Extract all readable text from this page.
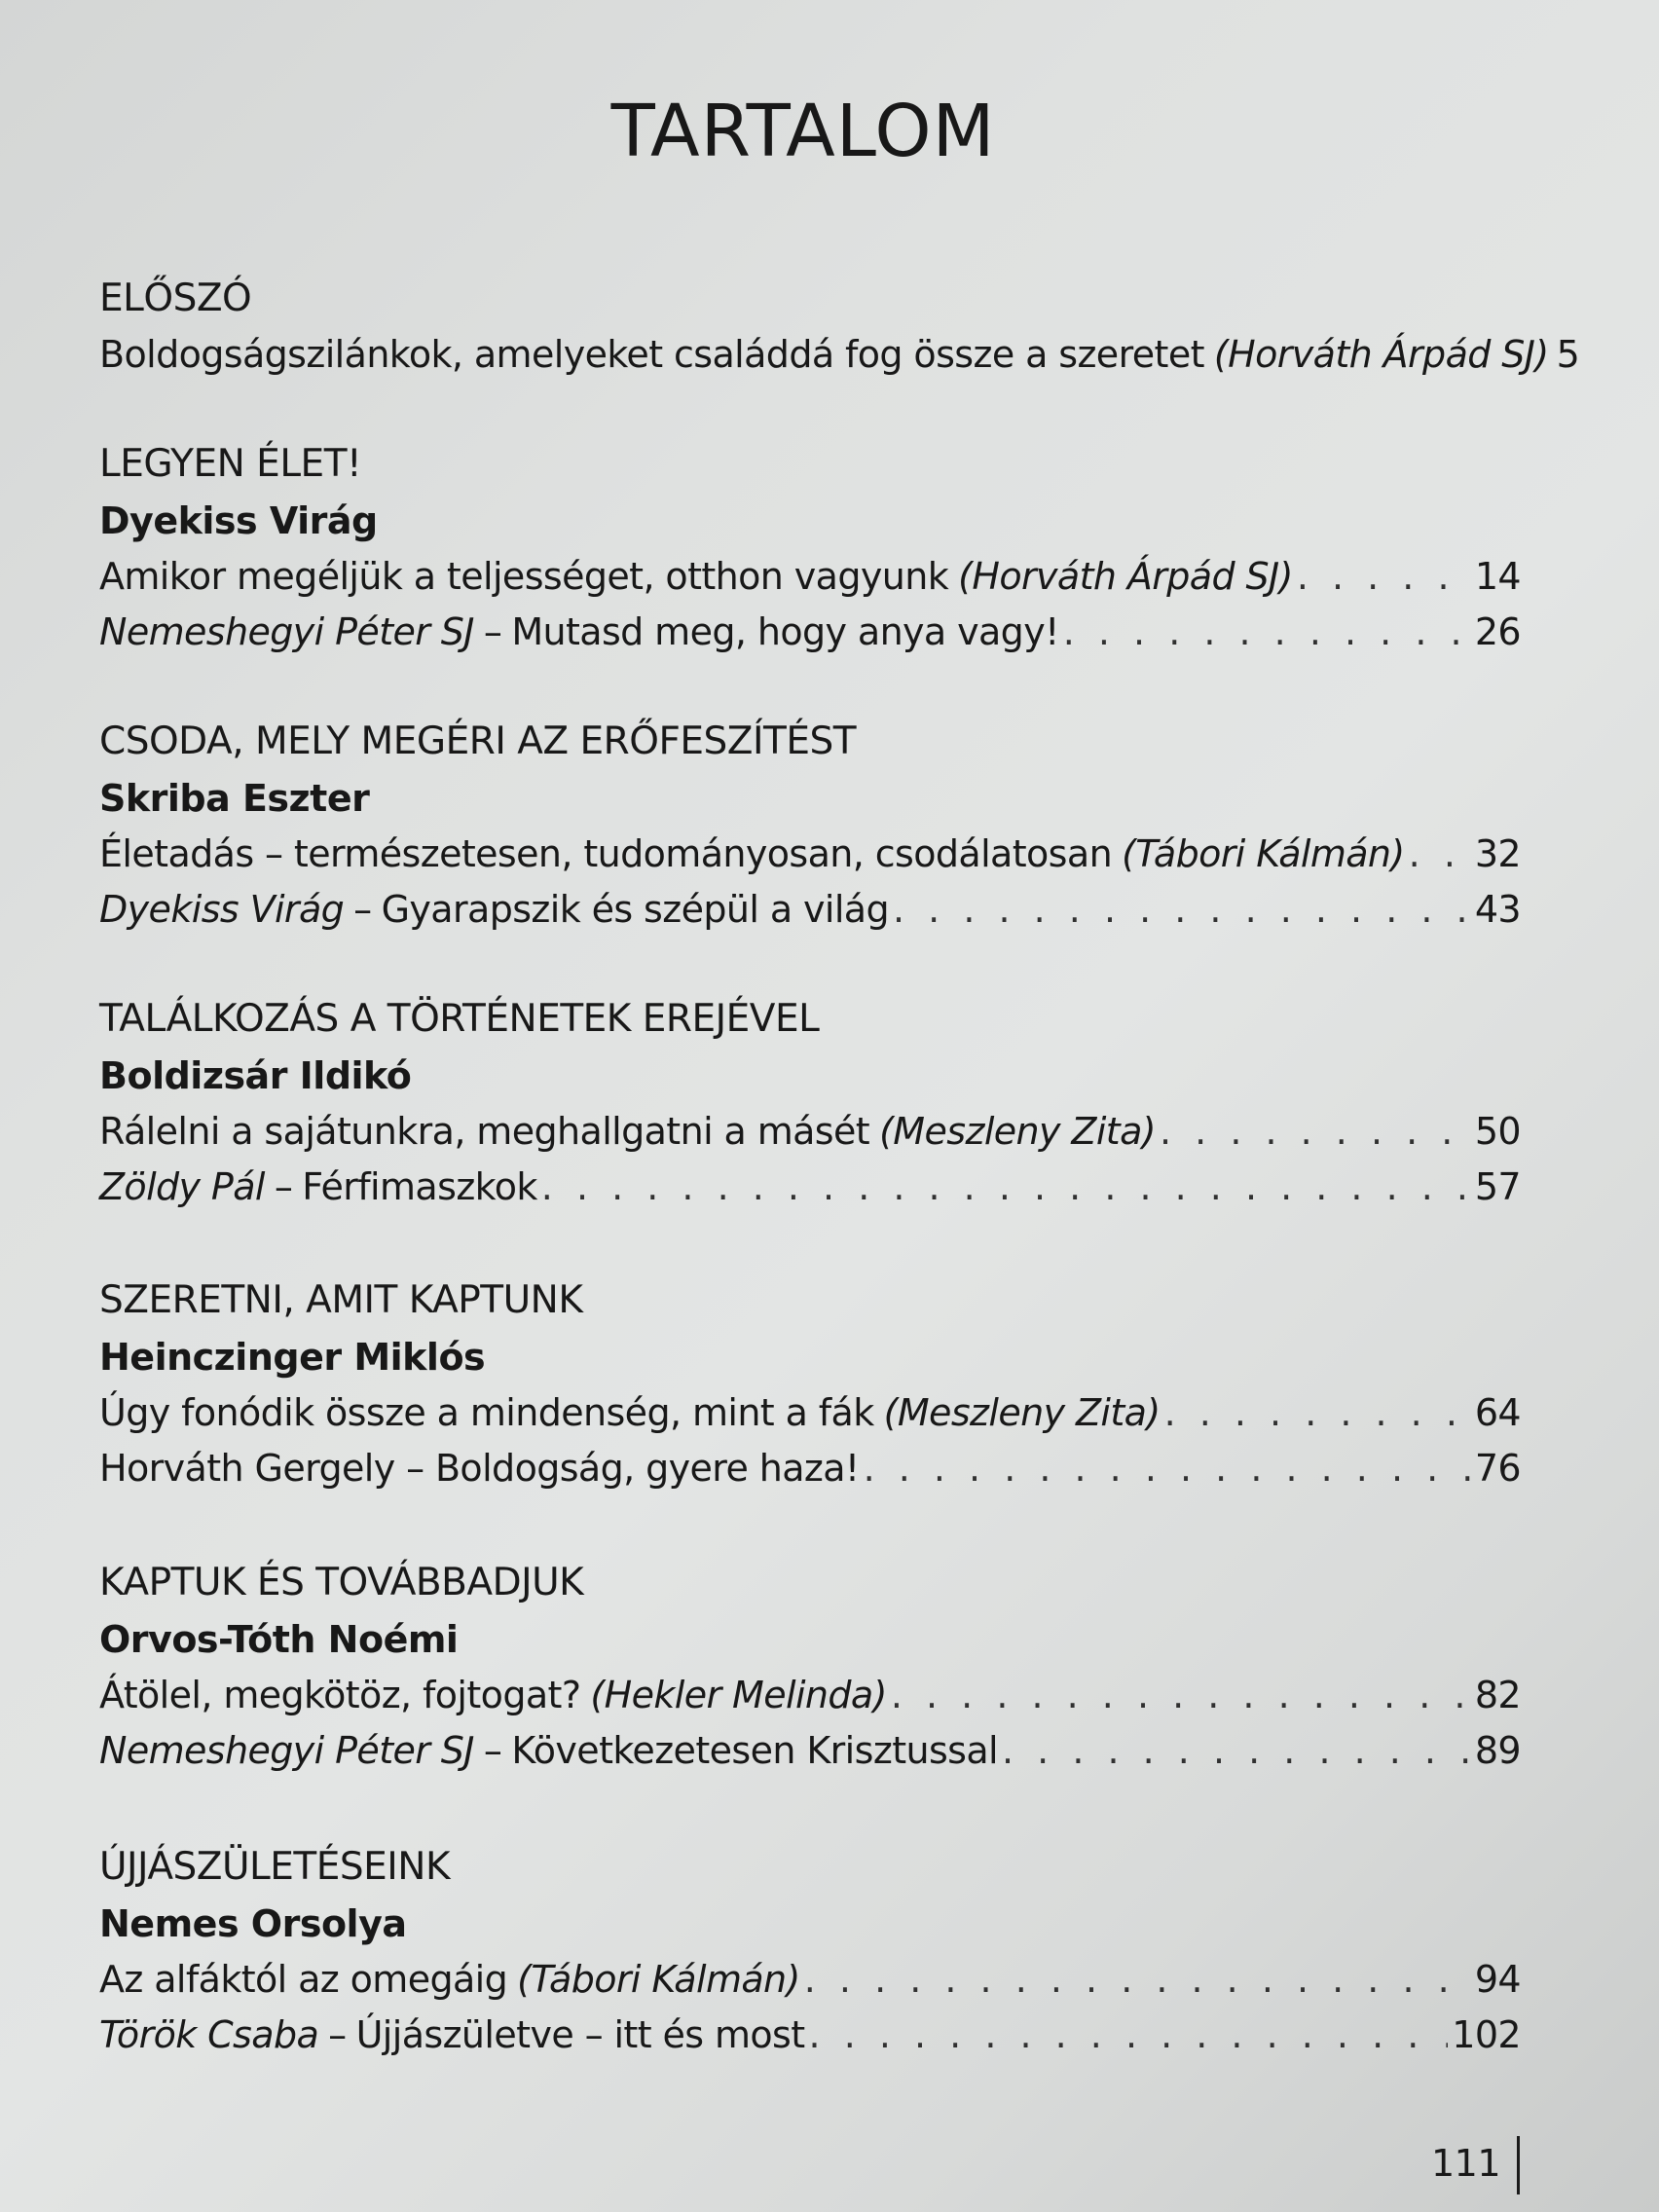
TARTALOM
ELŐSZÓ
Boldogságszilánkok, amelyeket családdá fog össze a szeretet (Horváth Árpád SJ) 5
LEGYEN ÉLET!
Dyekiss Virág
Amikor megéljük a teljességet, otthon vagyunk (Horváth Árpád SJ) . . .	14
Nemeshegyi Péter SJ – Mutasd meg, hogy anya vagy! . . .	26
CSODA, MELY MEGÉRI AZ ERŐFESZÍTÉST
Skriba Eszter
Életadás – természetesen, tudományosan, csodálatosan (Tábori Kálmán) . . . 32
Dyekiss Virág – Gyarapszik és szépül a világ . . .	43
TALÁLKOZÁS A TÖRTÉNETEK EREJÉVEL
Boldizsár Ildikó
Rálelni a sajátunkra, meghallgatni a másét (Meszleny Zita) . . .	50
Zöldy Pál – Férfimaszkok . . .	57
SZERETNI, AMIT KAPTUNK
Heinczinger Miklós
Úgy fonódik össze a mindenség, mint a fák (Meszleny Zita) . . .	64
Horváth Gergely – Boldogság, gyere haza! . . .	76
KAPTUK ÉS TOVÁBBADJUK
Orvos-Tóth Noémi
Átölel, megkötöz, fojtogat? (Hekler Melinda) . . .	82
Nemeshegyi Péter SJ – Következetesen Krisztussal . . .	89
ÚJJÁSZÜLETÉSEINK
Nemes Orsolya
Az alfáktól az omegáig (Tábori Kálmán) . . .	94
Török Csaba – Újjászületve – itt és most . . .	102
111
